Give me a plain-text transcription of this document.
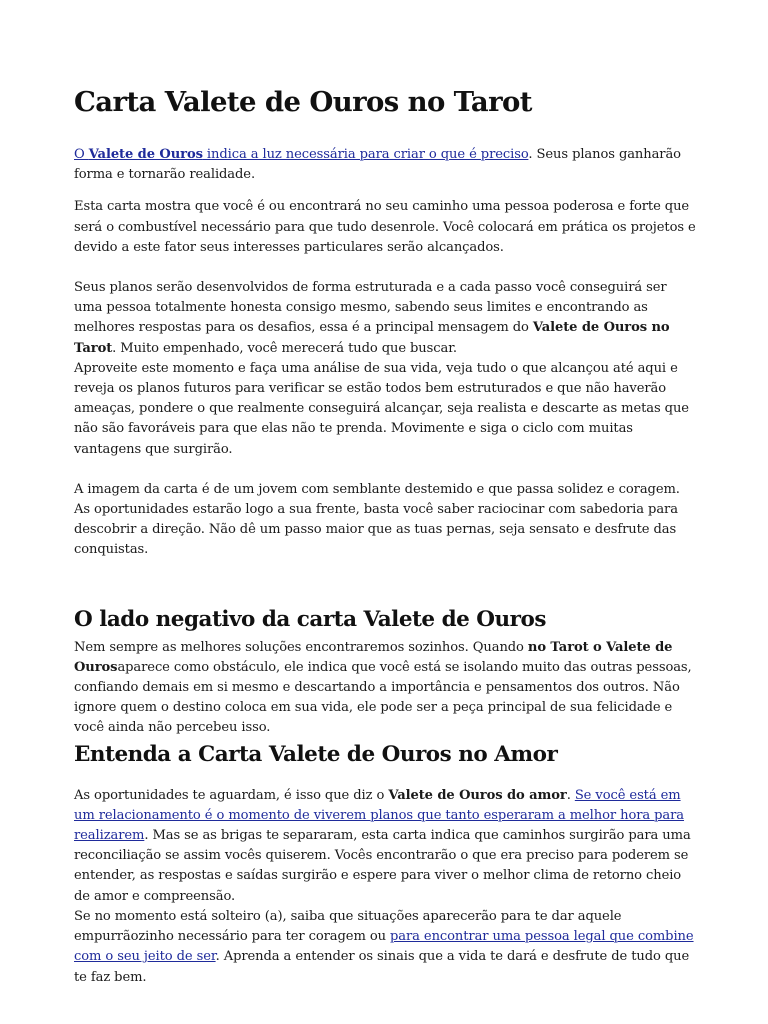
Carta Valete de Ouros no Tarot

O Valete de Ouros indica a luz necessária para criar o que é preciso. Seus planos ganharão forma e tornarão realidade.

Esta carta mostra que você é ou encontrará no seu caminho uma pessoa poderosa e forte que será o combustível necessário para que tudo desenrole. Você colocará em prática os projetos e devido a este fator seus interesses particulares serão alcançados.

Seus planos serão desenvolvidos de forma estruturada e a cada passo você conseguirá ser uma pessoa totalmente honesta consigo mesmo, sabendo seus limites e encontrando as melhores respostas para os desafios, essa é a principal mensagem do Valete de Ouros no Tarot. Muito empenhado, você merecerá tudo que buscar.
Aproveite este momento e faça uma análise de sua vida, veja tudo o que alcançou até aqui e reveja os planos futuros para verificar se estão todos bem estruturados e que não haverão ameaças, pondere o que realmente conseguirá alcançar, seja realista e descarte as metas que não são favoráveis para que elas não te prenda. Movimente e siga o ciclo com muitas vantagens que surgirão.

A imagem da carta é de um jovem com semblante destemido e que passa solidez e coragem. As oportunidades estarão logo a sua frente, basta você saber raciocinar com sabedoria para descobrir a direção. Não dê um passo maior que as tuas pernas, seja sensato e desfrute das conquistas.

O lado negativo da carta Valete de Ouros

Nem sempre as melhores soluções encontraremos sozinhos. Quando no Tarot o Valete de Ourosaparece como obstáculo, ele indica que você está se isolando muito das outras pessoas, confiando demais em si mesmo e descartando a importância e pensamentos dos outros. Não ignore quem o destino coloca em sua vida, ele pode ser a peça principal de sua felicidade e você ainda não percebeu isso.

Entenda a Carta Valete de Ouros no Amor

As oportunidades te aguardam, é isso que diz o Valete de Ouros do amor. Se você está em um relacionamento é o momento de viverem planos que tanto esperaram a melhor hora para realizarem. Mas se as brigas te separaram, esta carta indica que caminhos surgirão para uma reconciliação se assim vocês quiserem. Vocês encontrarão o que era preciso para poderem se entender, as respostas e saídas surgirão e espere para viver o melhor clima de retorno cheio de amor e compreensão.
Se no momento está solteiro (a), saiba que situações aparecerão para te dar aquele empurrãozinho necessário para ter coragem ou para encontrar uma pessoa legal que combine com o seu jeito de ser. Aprenda a entender os sinais que a vida te dará e desfrute de tudo que te faz bem.
